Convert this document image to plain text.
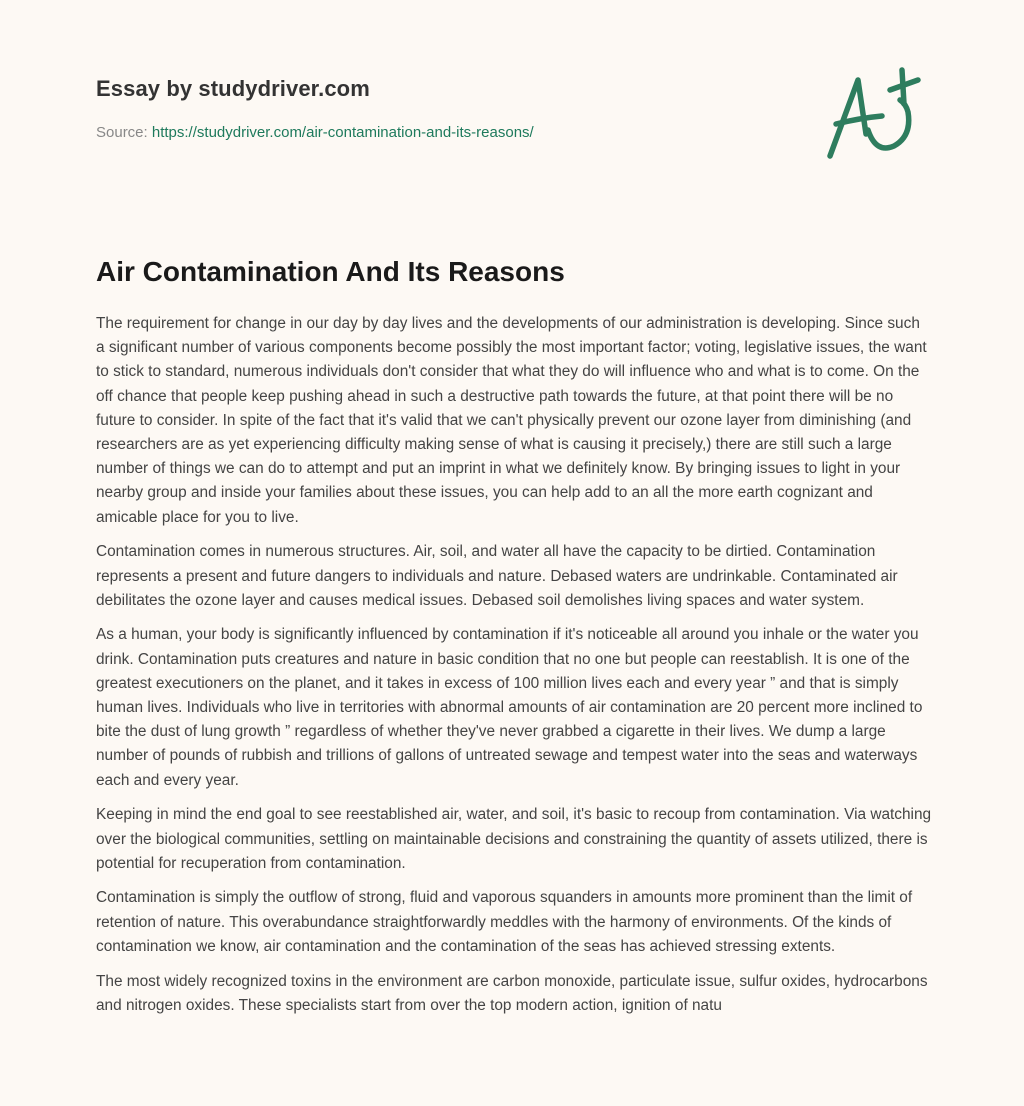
Essay by studydriver.com
Source: https://studydriver.com/air-contamination-and-its-reasons/
Air Contamination And Its Reasons

The requirement for change in our day by day lives and the developments of our administration is developing. Since such a significant number of various components become possibly the most important factor; voting, legislative issues, the want to stick to standard, numerous individuals don't consider that what they do will influence who and what is to come. On the off chance that people keep pushing ahead in such a destructive path towards the future, at that point there will be no future to consider. In spite of the fact that it's valid that we can't physically prevent our ozone layer from diminishing (and researchers are as yet experiencing difficulty making sense of what is causing it precisely,) there are still such a large number of things we can do to attempt and put an imprint in what we definitely know. By bringing issues to light in your nearby group and inside your families about these issues, you can help add to an all the more earth cognizant and amicable place for you to live.

Contamination comes in numerous structures. Air, soil, and water all have the capacity to be dirtied. Contamination represents a present and future dangers to individuals and nature. Debased waters are undrinkable. Contaminated air debilitates the ozone layer and causes medical issues. Debased soil demolishes living spaces and water system.

As a human, your body is significantly influenced by contamination if it's noticeable all around you inhale or the water you drink. Contamination puts creatures and nature in basic condition that no one but people can reestablish. It is one of the greatest executioners on the planet, and it takes in excess of 100 million lives each and every year ” and that is simply human lives. Individuals who live in territories with abnormal amounts of air contamination are 20 percent more inclined to bite the dust of lung growth ” regardless of whether they've never grabbed a cigarette in their lives. We dump a large number of pounds of rubbish and trillions of gallons of untreated sewage and tempest water into the seas and waterways each and every year.

Keeping in mind the end goal to see reestablished air, water, and soil, it's basic to recoup from contamination. Via watching over the biological communities, settling on maintainable decisions and constraining the quantity of assets utilized, there is potential for recuperation from contamination.

Contamination is simply the outflow of strong, fluid and vaporous squanders in amounts more prominent than the limit of retention of nature. This overabundance straightforwardly meddles with the harmony of environments. Of the kinds of contamination we know, air contamination and the contamination of the seas has achieved stressing extents.

The most widely recognized toxins in the environment are carbon monoxide, particulate issue, sulfur oxides, hydrocarbons and nitrogen oxides. These specialists start from over the top modern action, ignition of natu
